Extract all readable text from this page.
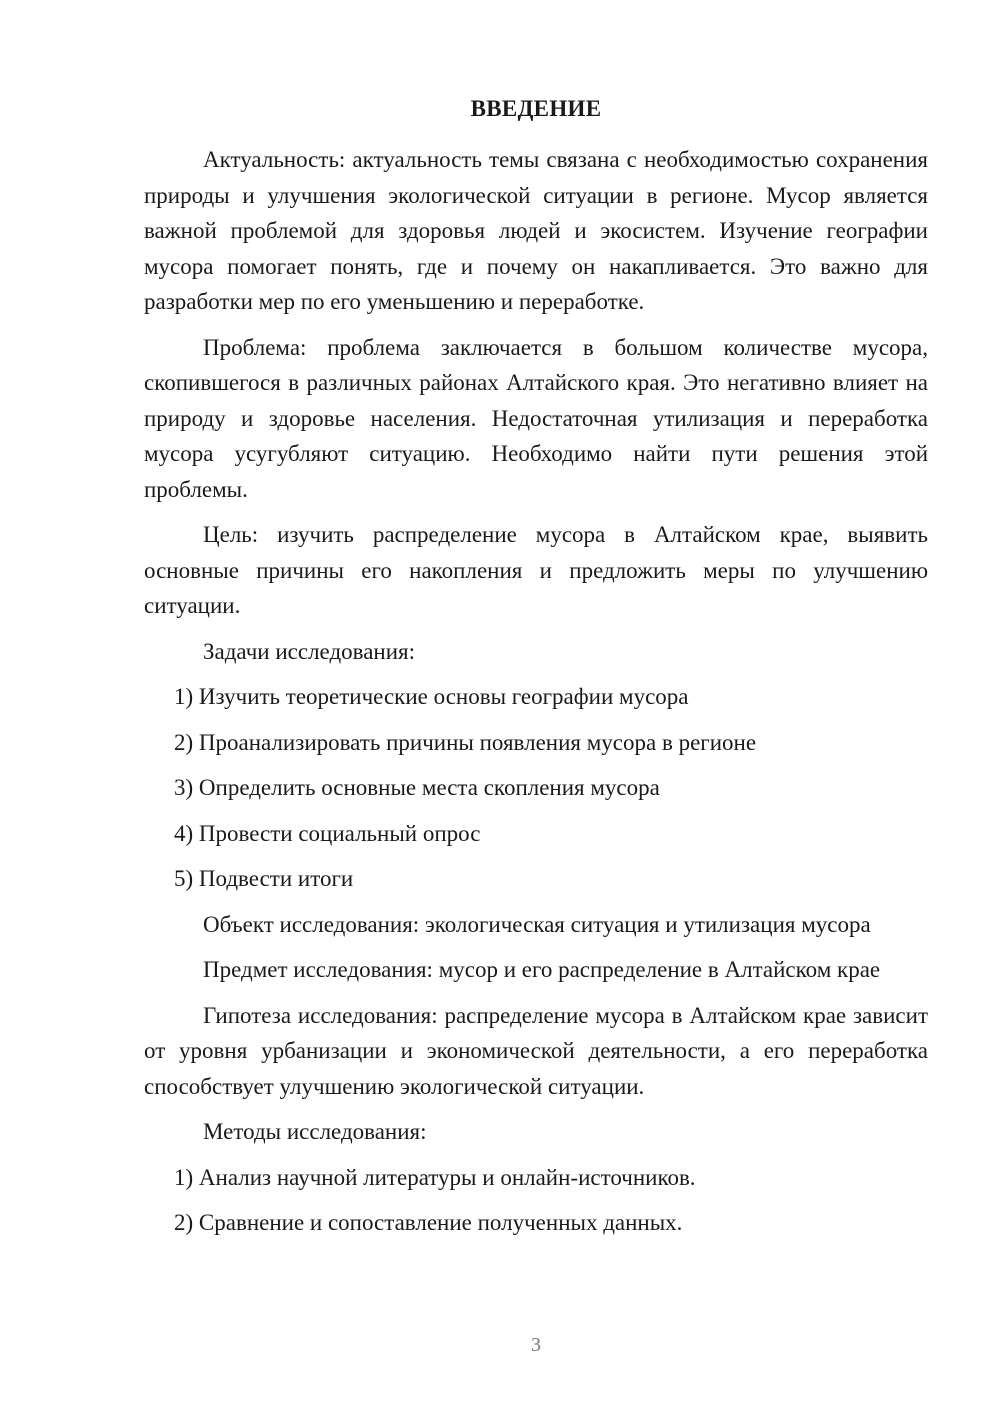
ВВЕДЕНИЕ

Актуальность: актуальность темы связана с необходимостью сохранения природы и улучшения экологической ситуации в регионе. Мусор является важной проблемой для здоровья людей и экосистем. Изучение географии мусора помогает понять, где и почему он накапливается. Это важно для разработки мер по его уменьшению и переработке.

Проблема: проблема заключается в большом количестве мусора, скопившегося в различных районах Алтайского края. Это негативно влияет на природу и здоровье населения. Недостаточная утилизация и переработка мусора усугубляют ситуацию. Необходимо найти пути решения этой проблемы.

Цель: изучить распределение мусора в Алтайском крае, выявить основные причины его накопления и предложить меры по улучшению ситуации.

Задачи исследования:

1) Изучить теоретические основы географии мусора

2) Проанализировать причины появления мусора в регионе

3) Определить основные места скопления мусора

4) Провести социальный опрос

5) Подвести итоги

Объект исследования: экологическая ситуация и утилизация мусора

Предмет исследования: мусор и его распределение в Алтайском крае

Гипотеза исследования: распределение мусора в Алтайском крае зависит от уровня урбанизации и экономической деятельности, а его переработка способствует улучшению экологической ситуации.

Методы исследования:

1) Анализ научной литературы и онлайн-источников.

2) Сравнение и сопоставление полученных данных.

3
